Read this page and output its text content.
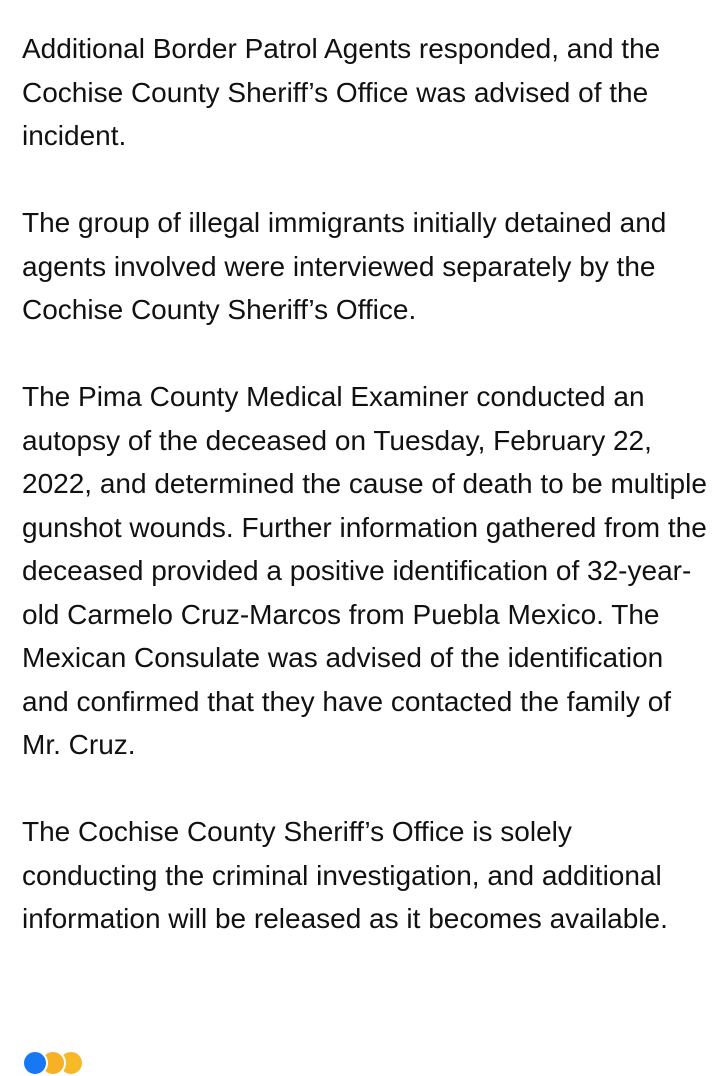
Additional Border Patrol Agents responded, and the Cochise County Sheriff’s Office was advised of the incident.

The group of illegal immigrants initially detained and agents involved were interviewed separately by the Cochise County Sheriff’s Office.

The Pima County Medical Examiner conducted an autopsy of the deceased on Tuesday, February 22, 2022, and determined the cause of death to be multiple gunshot wounds. Further information gathered from the deceased provided a positive identification of 32-year-old Carmelo Cruz-Marcos from Puebla Mexico. The Mexican Consulate was advised of the identification and confirmed that they have contacted the family of Mr. Cruz.

The Cochise County Sheriff’s Office is solely conducting the criminal investigation, and additional information will be released as it becomes available.
